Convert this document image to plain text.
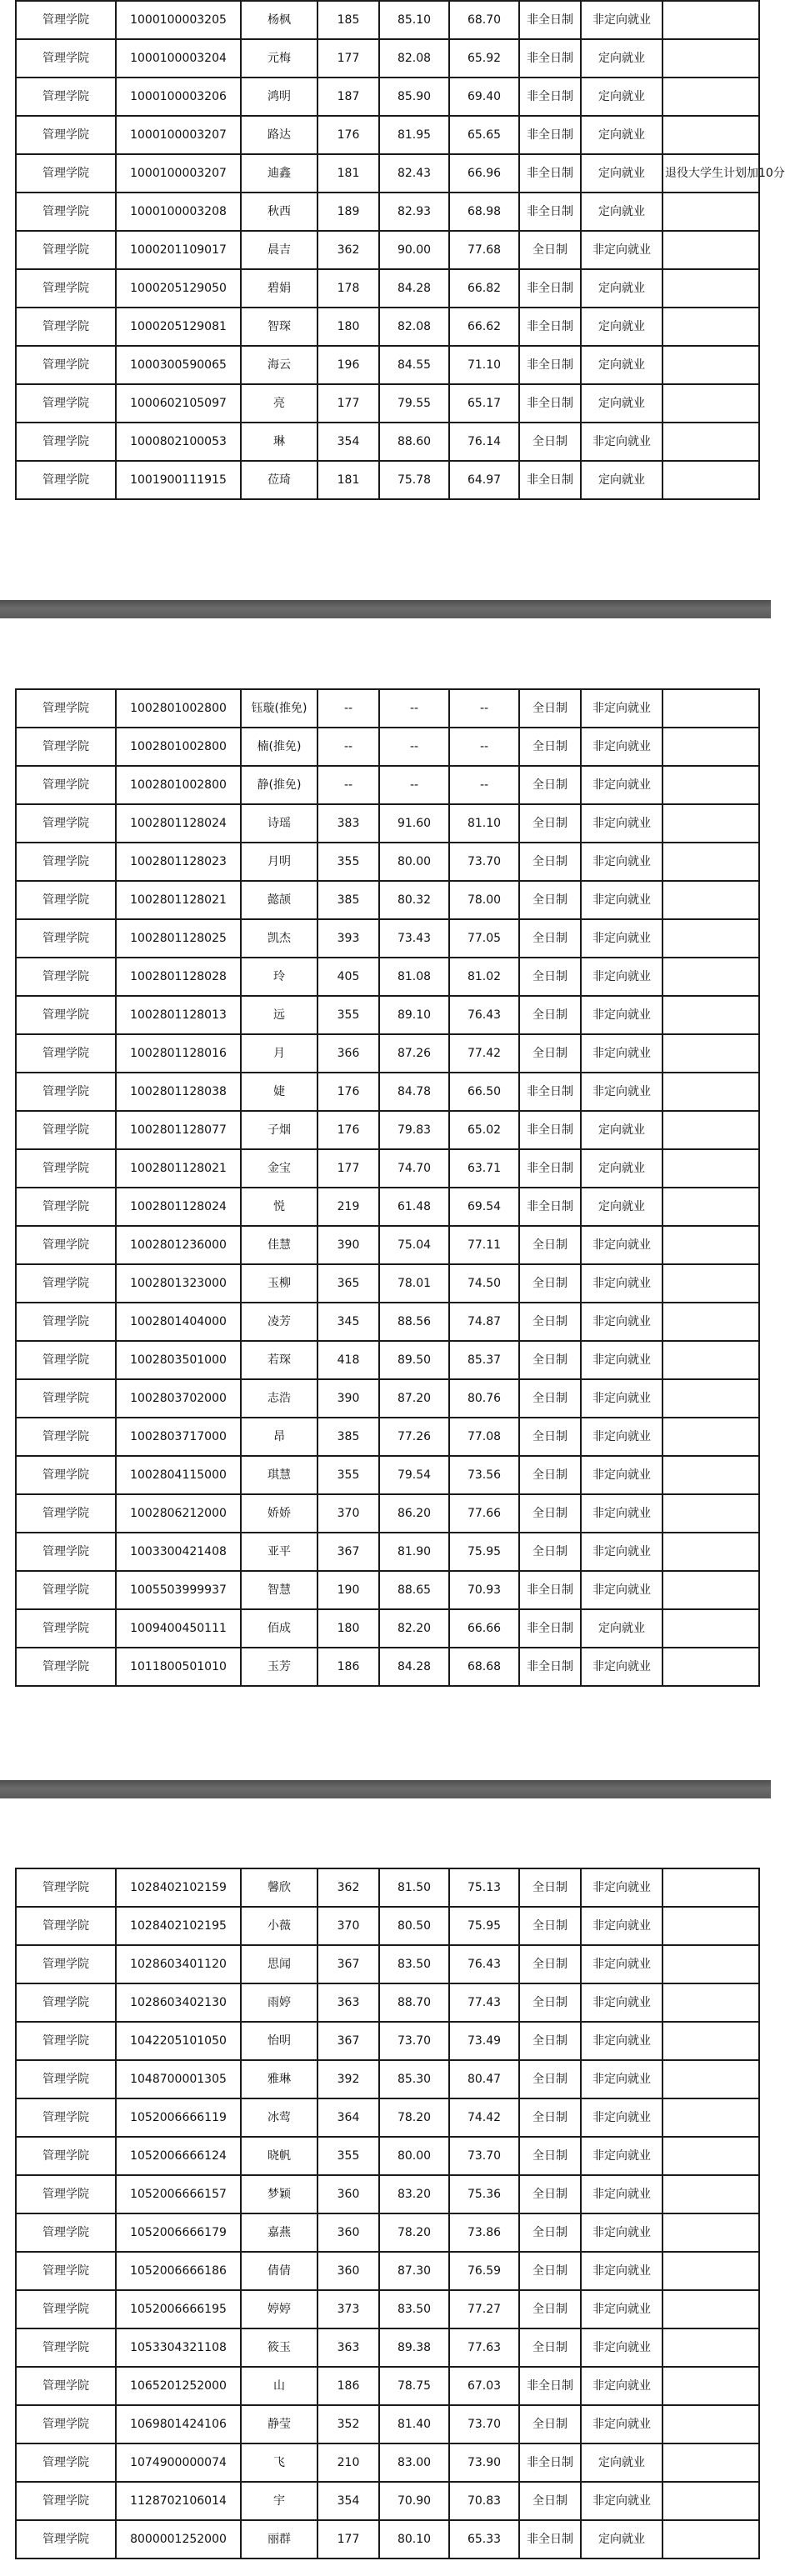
管理学院	1000100003205	杨枫	185	85.10	68.70	非全日制	非定向就业	
管理学院	1000100003204	元梅	177	82.08	65.92	非全日制	定向就业	
管理学院	1000100003206	鸿明	187	85.90	69.40	非全日制	定向就业	
管理学院	1000100003207	路达	176	81.95	65.65	非全日制	定向就业	
管理学院	1000100003207	迪鑫	181	82.43	66.96	非全日制	定向就业	退役大学生计划加10分
管理学院	1000100003208	秋西	189	82.93	68.98	非全日制	定向就业	
管理学院	1000201109017	晨吉	362	90.00	77.68	全日制	非定向就业	
管理学院	1000205129050	碧娟	178	84.28	66.82	非全日制	定向就业	
管理学院	1000205129081	智琛	180	82.08	66.62	非全日制	定向就业	
管理学院	1000300590065	海云	196	84.55	71.10	非全日制	定向就业	
管理学院	1000602105097	亮	177	79.55	65.17	非全日制	定向就业	
管理学院	1000802100053	琳	354	88.60	76.14	全日制	非定向就业	
管理学院	1001900111915	莅琦	181	75.78	64.97	非全日制	定向就业	
管理学院	1002801002800	钰璇(推免)	--	--	--	全日制	非定向就业	
管理学院	1002801002800	楠(推免)	--	--	--	全日制	非定向就业	
管理学院	1002801002800	静(推免)	--	--	--	全日制	非定向就业	
管理学院	1002801128024	诗瑶	383	91.60	81.10	全日制	非定向就业	
管理学院	1002801128023	月明	355	80.00	73.70	全日制	非定向就业	
管理学院	1002801128021	懿颉	385	80.32	78.00	全日制	非定向就业	
管理学院	1002801128025	凯杰	393	73.43	77.05	全日制	非定向就业	
管理学院	1002801128028	玲	405	81.08	81.02	全日制	非定向就业	
管理学院	1002801128013	远	355	89.10	76.43	全日制	非定向就业	
管理学院	1002801128016	月	366	87.26	77.42	全日制	非定向就业	
管理学院	1002801128038	婕	176	84.78	66.50	非全日制	非定向就业	
管理学院	1002801128077	子烟	176	79.83	65.02	非全日制	定向就业	
管理学院	1002801128021	金宝	177	74.70	63.71	非全日制	定向就业	
管理学院	1002801128024	悦	219	61.48	69.54	非全日制	定向就业	
管理学院	1002801236000	佳慧	390	75.04	77.11	全日制	非定向就业	
管理学院	1002801323000	玉柳	365	78.01	74.50	全日制	非定向就业	
管理学院	1002801404000	凌芳	345	88.56	74.87	全日制	非定向就业	
管理学院	1002803501000	若琛	418	89.50	85.37	全日制	非定向就业	
管理学院	1002803702000	志浩	390	87.20	80.76	全日制	非定向就业	
管理学院	1002803717000	昂	385	77.26	77.08	全日制	非定向就业	
管理学院	1002804115000	琪慧	355	79.54	73.56	全日制	非定向就业	
管理学院	1002806212000	娇娇	370	86.20	77.66	全日制	非定向就业	
管理学院	1003300421408	亚平	367	81.90	75.95	全日制	非定向就业	
管理学院	1005503999937	智慧	190	88.65	70.93	非全日制	非定向就业	
管理学院	1009400450111	佰成	180	82.20	66.66	非全日制	定向就业	
管理学院	1011800501010	玉芳	186	84.28	68.68	非全日制	非定向就业	
管理学院	1028402102159	馨欣	362	81.50	75.13	全日制	非定向就业	
管理学院	1028402102195	小薇	370	80.50	75.95	全日制	非定向就业	
管理学院	1028603401120	思闻	367	83.50	76.43	全日制	非定向就业	
管理学院	1028603402130	雨婷	363	88.70	77.43	全日制	非定向就业	
管理学院	1042205101050	怡明	367	73.70	73.49	全日制	非定向就业	
管理学院	1048700001305	雅琳	392	85.30	80.47	全日制	非定向就业	
管理学院	1052006666119	冰莺	364	78.20	74.42	全日制	非定向就业	
管理学院	1052006666124	晓帆	355	80.00	73.70	全日制	非定向就业	
管理学院	1052006666157	梦颖	360	83.20	75.36	全日制	非定向就业	
管理学院	1052006666179	嘉燕	360	78.20	73.86	全日制	非定向就业	
管理学院	1052006666186	倩倩	360	87.30	76.59	全日制	非定向就业	
管理学院	1052006666195	婷婷	373	83.50	77.27	全日制	非定向就业	
管理学院	1053304321108	筱玉	363	89.38	77.63	全日制	非定向就业	
管理学院	1065201252000	山	186	78.75	67.03	非全日制	非定向就业	
管理学院	1069801424106	静莹	352	81.40	73.70	全日制	非定向就业	
管理学院	1074900000074	飞	210	83.00	73.90	非全日制	定向就业	
管理学院	1128702106014	宇	354	70.90	70.83	全日制	非定向就业	
管理学院	8000001252000	丽群	177	80.10	65.33	非全日制	定向就业	
